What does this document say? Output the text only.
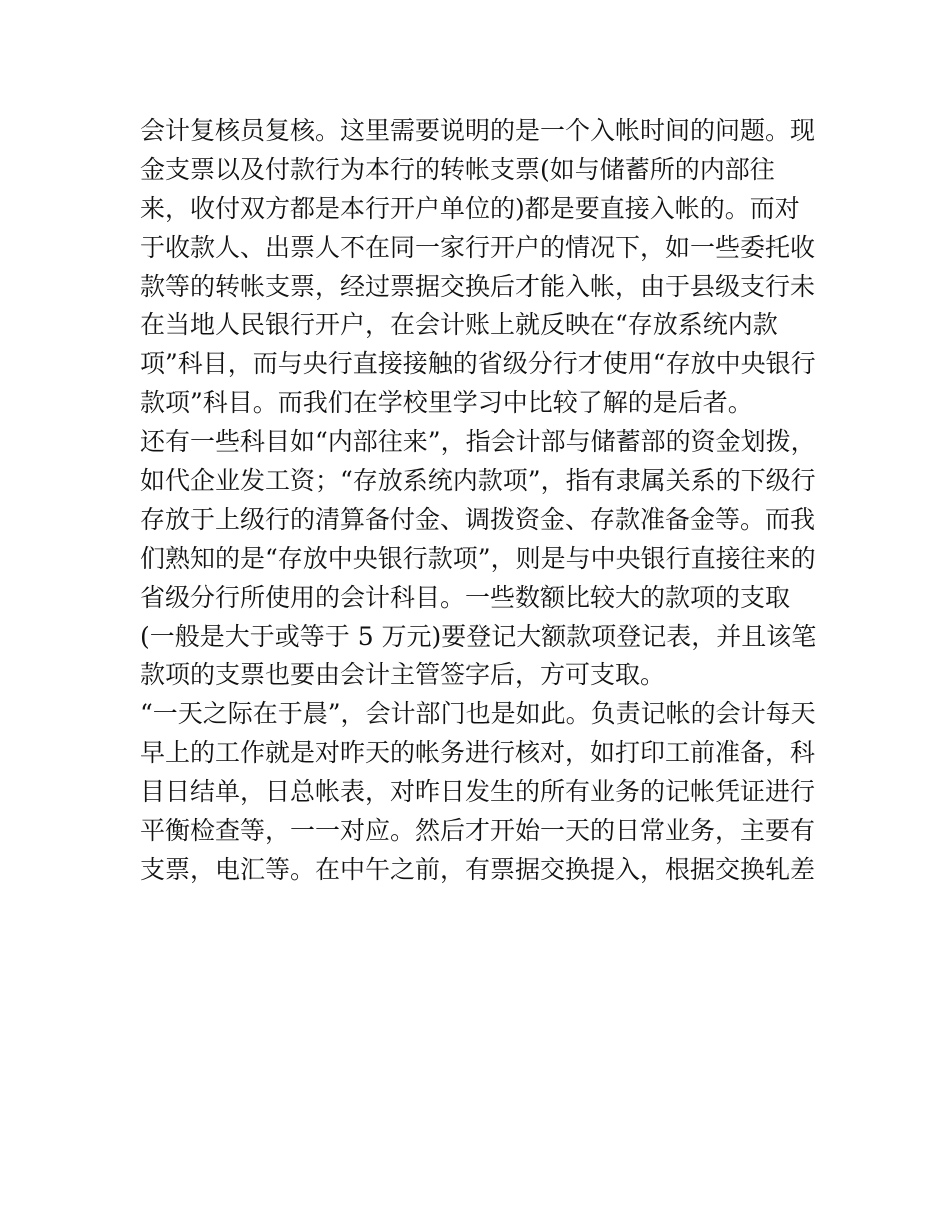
会计复核员复核。这里需要说明的是一个入帐时间的问题。现
金支票以及付款行为本行的转帐支票(如与储蓄所的内部往
来，收付双方都是本行开户单位的)都是要直接入帐的。而对
于收款人、出票人不在同一家行开户的情况下，如一些委托收
款等的转帐支票，经过票据交换后才能入帐，由于县级支行未
在当地人民银行开户，在会计账上就反映在“存放系统内款
项”科目，而与央行直接接触的省级分行才使用“存放中央银行
款项”科目。而我们在学校里学习中比较了解的是后者。
还有一些科目如“内部往来”，指会计部与储蓄部的资金划拨，
如代企业发工资；“存放系统内款项”，指有隶属关系的下级行
存放于上级行的清算备付金、调拨资金、存款准备金等。而我
们熟知的是“存放中央银行款项”，则是与中央银行直接往来的
省级分行所使用的会计科目。一些数额比较大的款项的支取
(一般是大于或等于 5 万元)要登记大额款项登记表，并且该笔
款项的支票也要由会计主管签字后，方可支取。
“一天之际在于晨”，会计部门也是如此。负责记帐的会计每天
早上的工作就是对昨天的帐务进行核对，如打印工前准备，科
目日结单，日总帐表，对昨日发生的所有业务的记帐凭证进行
平衡检查等，一一对应。然后才开始一天的日常业务，主要有
支票，电汇等。在中午之前，有票据交换提入，根据交换轧差
